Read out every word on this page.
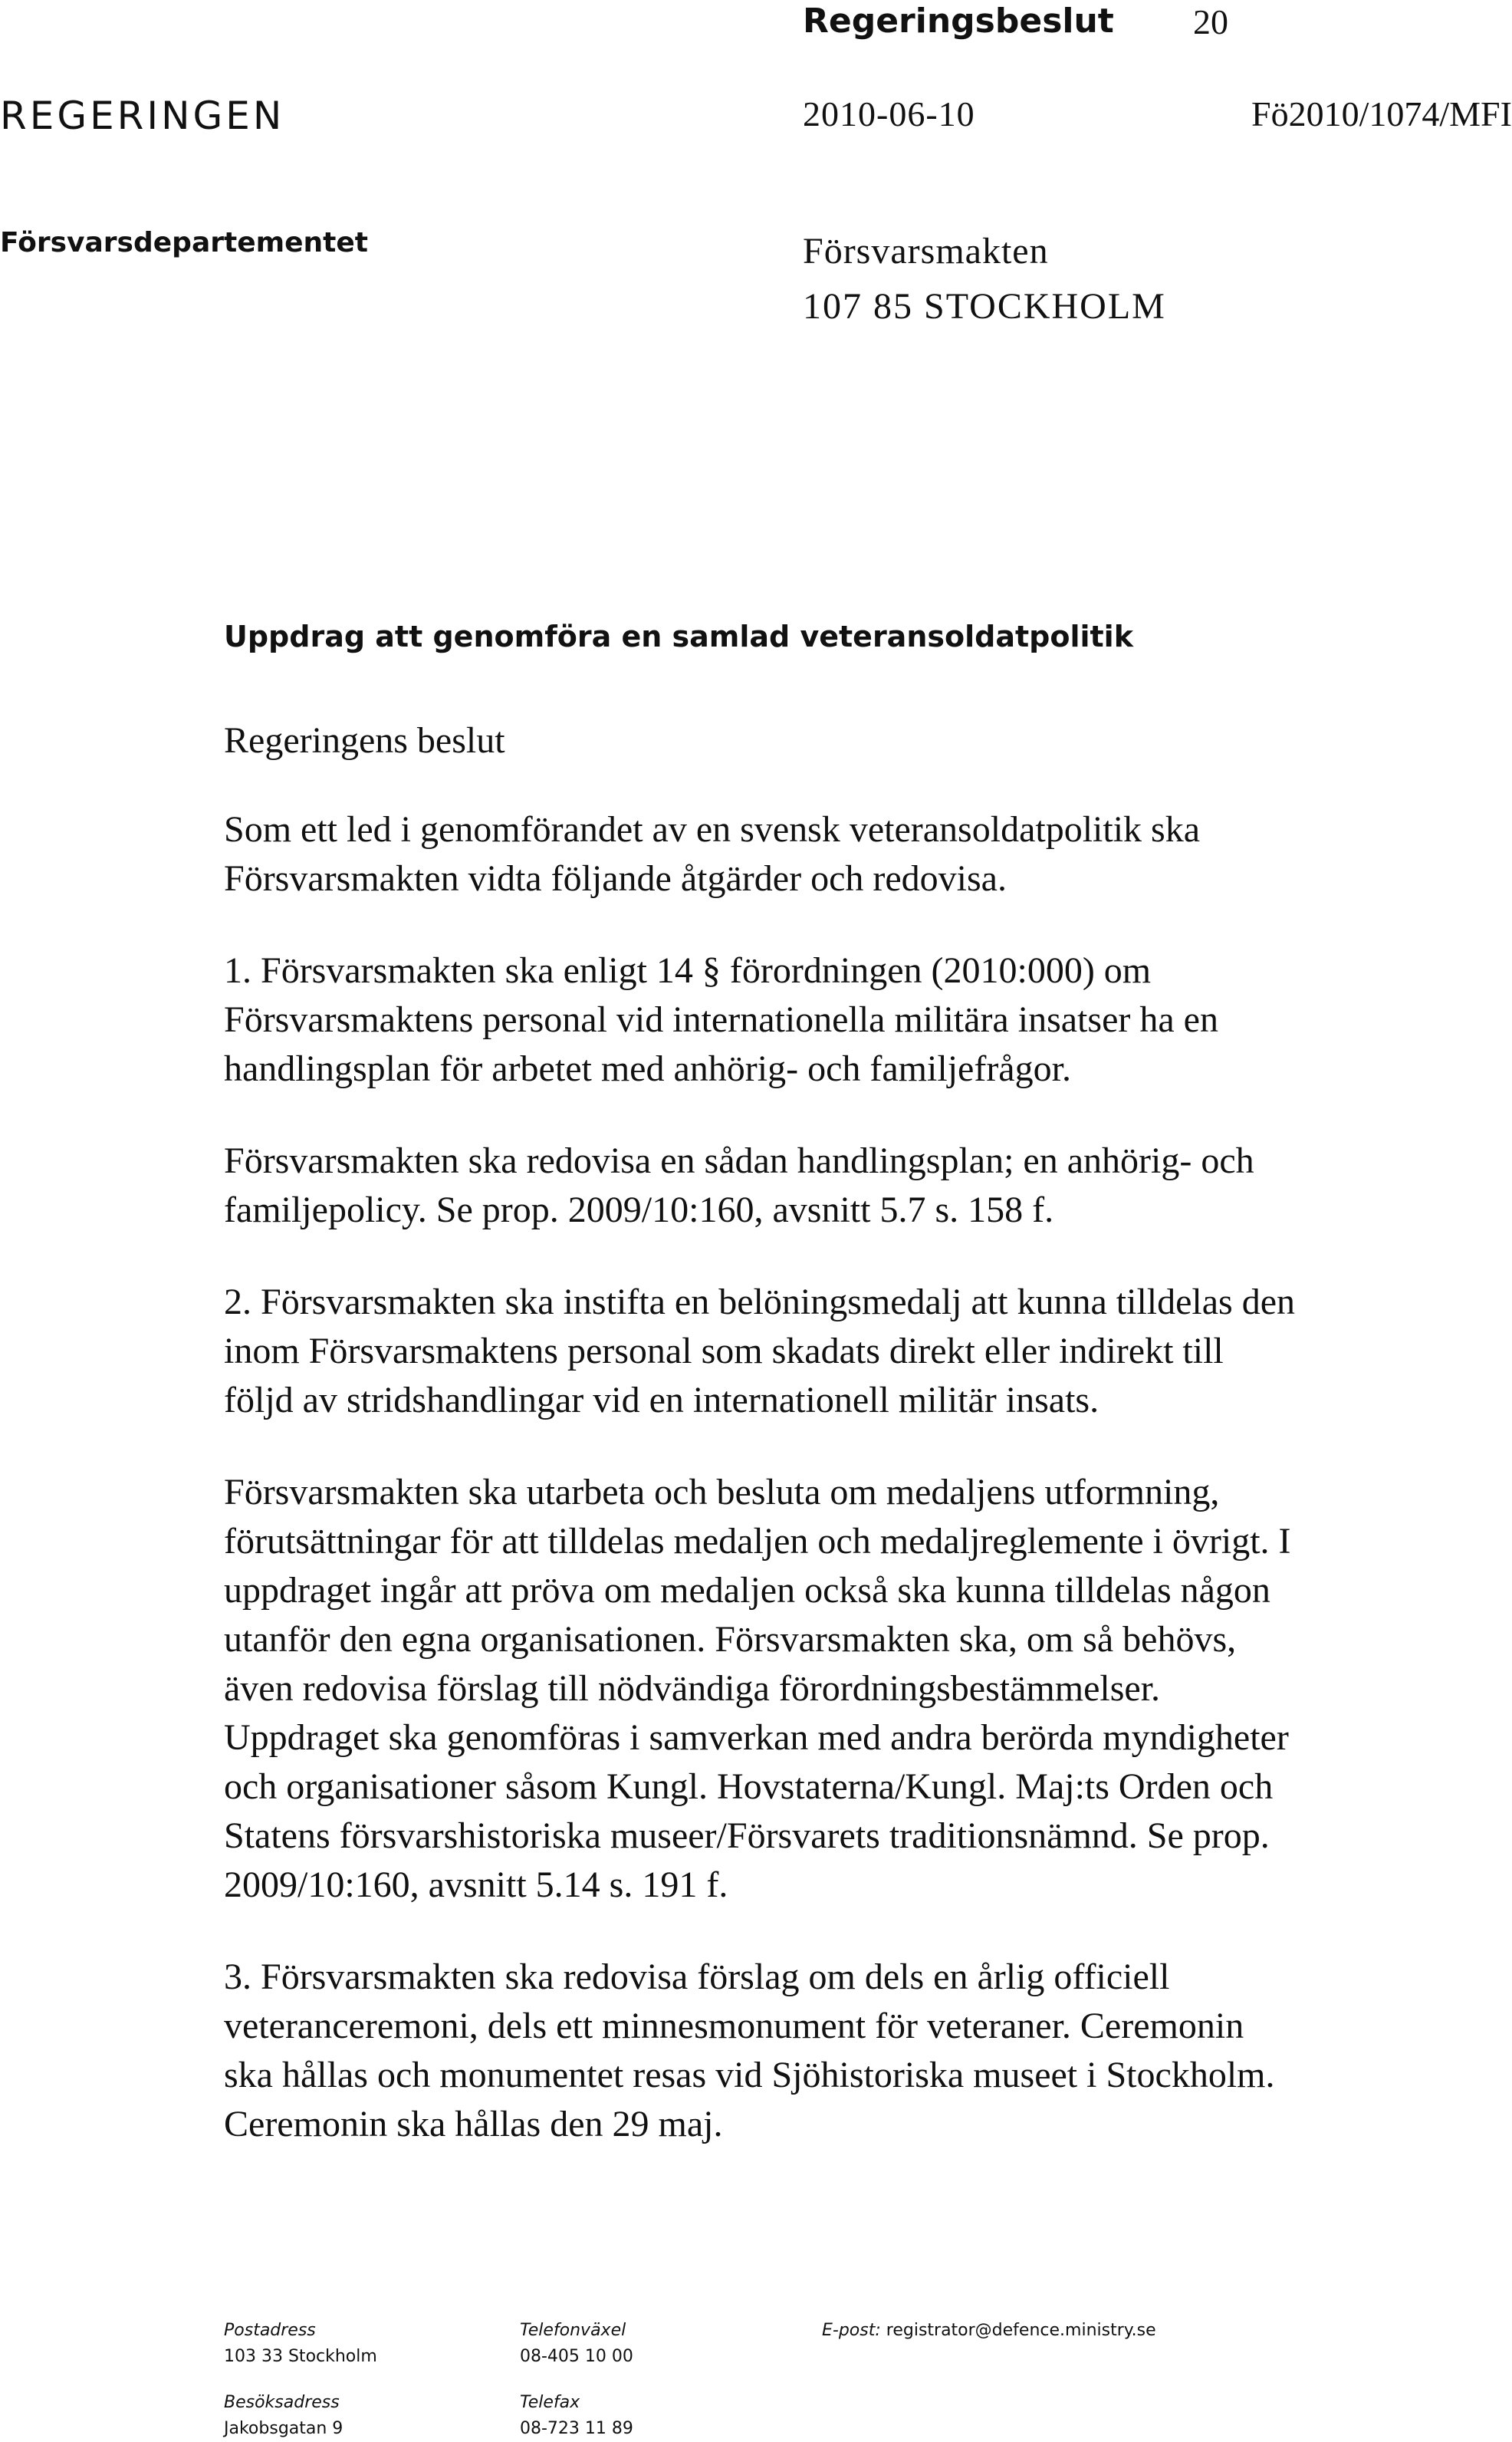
Regeringsbeslut 20
REGERINGEN	2010-06-10	Fö2010/1074/MFI
Försvarsdepartementet	Försvarsmakten
107 85 STOCKHOLM
Uppdrag att genomföra en samlad veteransoldatpolitik
Regeringens beslut
Som ett led i genomförandet av en svensk veteransoldatpolitik ska
Försvarsmakten vidta följande åtgärder och redovisa.
1. Försvarsmakten ska enligt 14 § förordningen (2010:000) om
Försvarsmaktens personal vid internationella militära insatser ha en
handlingsplan för arbetet med anhörig- och familjefrågor.
Försvarsmakten ska redovisa en sådan handlingsplan; en anhörig- och
familjepolicy. Se prop. 2009/10:160, avsnitt 5.7 s. 158 f.
2. Försvarsmakten ska instifta en belöningsmedalj att kunna tilldelas den
inom Försvarsmaktens personal som skadats direkt eller indirekt till
följd av stridshandlingar vid en internationell militär insats.
Försvarsmakten ska utarbeta och besluta om medaljens utformning,
förutsättningar för att tilldelas medaljen och medaljreglemente i övrigt. I
uppdraget ingår att pröva om medaljen också ska kunna tilldelas någon
utanför den egna organisationen. Försvarsmakten ska, om så behövs,
även redovisa förslag till nödvändiga förordningsbestämmelser.
Uppdraget ska genomföras i samverkan med andra berörda myndigheter
och organisationer såsom Kungl. Hovstaterna/Kungl. Maj:ts Orden och
Statens försvarshistoriska museer/Försvarets traditionsnämnd. Se prop.
2009/10:160, avsnitt 5.14 s. 191 f.
3. Försvarsmakten ska redovisa förslag om dels en årlig officiell
veteranceremoni, dels ett minnesmonument för veteraner. Ceremonin
ska hållas och monumentet resas vid Sjöhistoriska museet i Stockholm.
Ceremonin ska hållas den 29 maj.
Postadress
103 33 Stockholm
Besöksadress
Jakobsgatan 9
Telefonväxel
08-405 10 00
Telefax
08-723 11 89
E-post: registrator@defence.ministry.se
